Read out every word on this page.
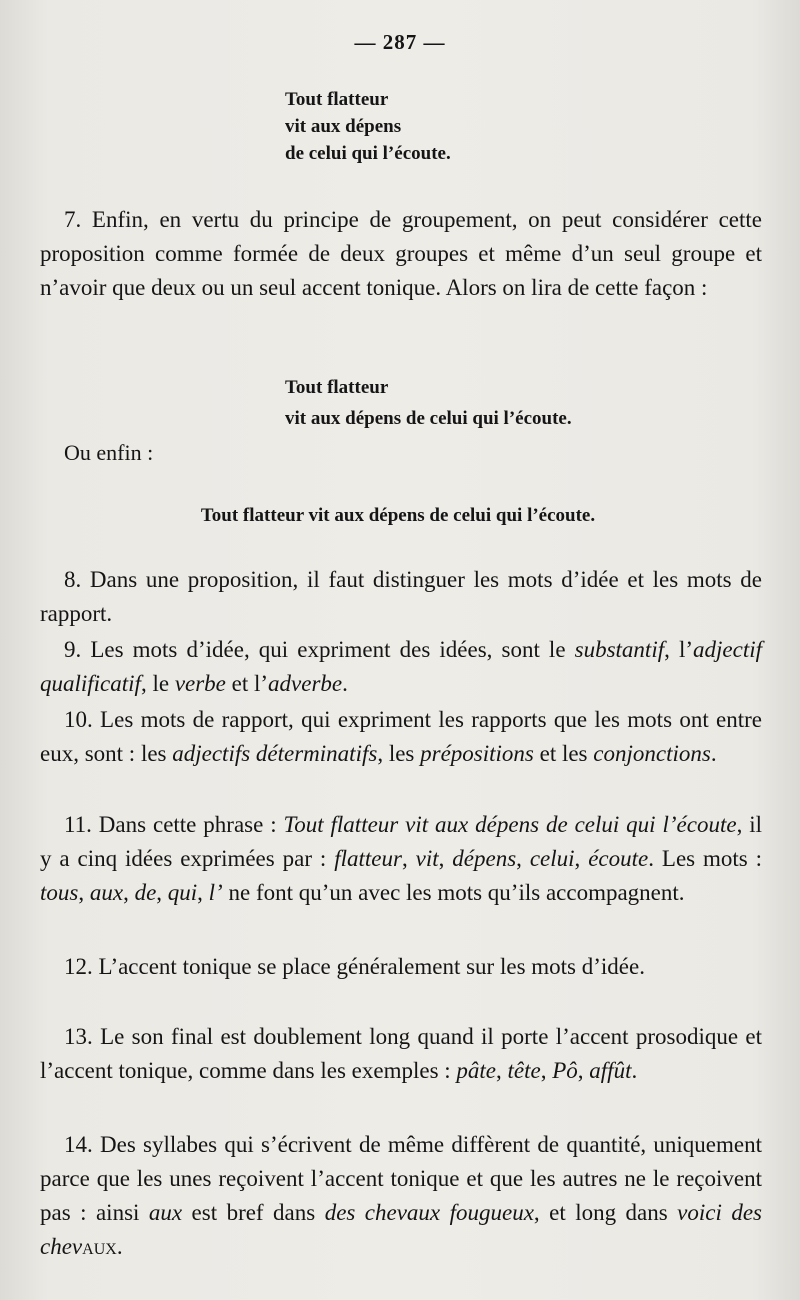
— 287 —
Tout flatteur
vit aux dépens
de celui qui l’écoute.
7. Enfin, en vertu du principe de groupement, on peut considérer cette proposition comme formée de deux groupes et même d’un seul groupe et n’avoir que deux ou un seul accent tonique. Alors on lira de cette façon :
Tout flatteur
vit aux dépens de celui qui l’écoute.
Ou enfin :
Tout flatteur vit aux dépens de celui qui l’écoute.
8. Dans une proposition, il faut distinguer les mots d’idée et les mots de rapport.
9. Les mots d’idée, qui expriment des idées, sont le substantif, l’adjectif qualificatif, le verbe et l’adverbe.
10. Les mots de rapport, qui expriment les rapports que les mots ont entre eux, sont : les adjectifs déterminatifs, les prépositions et les conjonctions.
11. Dans cette phrase : Tout flatteur vit aux dépens de celui qui l’écoute, il y a cinq idées exprimées par : flatteur, vit, dépens, celui, écoute. Les mots : tous, aux, de, qui, l’ ne font qu’un avec les mots qu’ils accompagnent.
12. L’accent tonique se place généralement sur les mots d’idée.
13. Le son final est doublement long quand il porte l’accent prosodique et l’accent tonique, comme dans les exemples : pâte, tête, Pô, affût.
14. Des syllabes qui s’écrivent de même diffèrent de quantité, uniquement parce que les unes reçoivent l’accent tonique et que les autres ne le reçoivent pas : ainsi aux est bref dans des chevaux fougueux, et long dans voici des chevaux.
